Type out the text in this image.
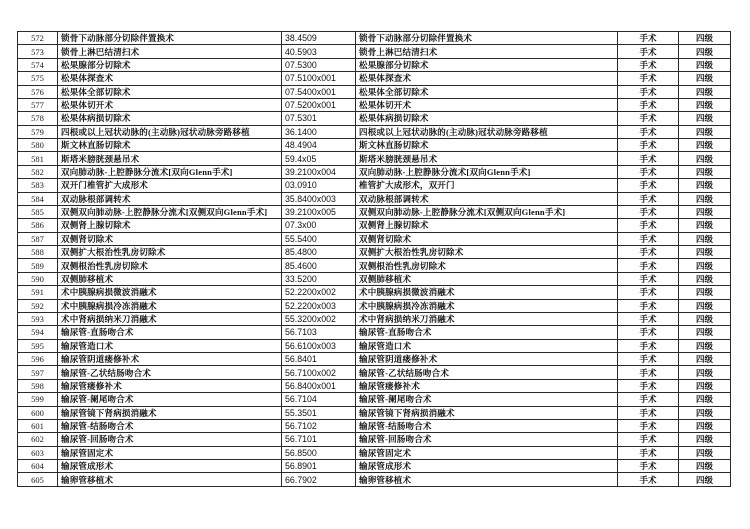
572	锁骨下动脉部分切除伴置换术	38.4509	锁骨下动脉部分切除伴置换术	手术	四级
573	锁骨上淋巴结清扫术	40.5903	锁骨上淋巴结清扫术	手术	四级
574	松果腺部分切除术	07.5300	松果腺部分切除术	手术	四级
575	松果体探查术	07.5100x001	松果体探查术	手术	四级
576	松果体全部切除术	07.5400x001	松果体全部切除术	手术	四级
577	松果体切开术	07.5200x001	松果体切开术	手术	四级
578	松果体病损切除术	07.5301	松果体病损切除术	手术	四级
579	四根或以上冠状动脉的(主动脉)冠状动脉旁路移植	36.1400	四根或以上冠状动脉的(主动脉)冠状动脉旁路移植	手术	四级
580	斯文林直肠切除术	48.4904	斯文林直肠切除术	手术	四级
581	斯塔米膀胱颈悬吊术	59.4x05	斯塔米膀胱颈悬吊术	手术	四级
582	双向肺动脉-上腔静脉分流术[双向Glenn手术]	39.2100x004	双向肺动脉-上腔静脉分流术[双向Glenn手术]	手术	四级
583	双开门椎管扩大成形术	03.0910	椎管扩大成形术，双开门	手术	四级
584	双动脉根部调转术	35.8400x003	双动脉根部调转术	手术	四级
585	双侧双向肺动脉-上腔静脉分流术[双侧双向Glenn手术]	39.2100x005	双侧双向肺动脉-上腔静脉分流术[双侧双向Glenn手术]	手术	四级
586	双侧肾上腺切除术	07.3x00	双侧肾上腺切除术	手术	四级
587	双侧肾切除术	55.5400	双侧肾切除术	手术	四级
588	双侧扩大根治性乳房切除术	85.4800	双侧扩大根治性乳房切除术	手术	四级
589	双侧根治性乳房切除术	85.4600	双侧根治性乳房切除术	手术	四级
590	双侧肺移植术	33.5200	双侧肺移植术	手术	四级
591	术中胰腺病损微波消融术	52.2200x002	术中胰腺病损微波消融术	手术	四级
592	术中胰腺病损冷冻消融术	52.2200x003	术中胰腺病损冷冻消融术	手术	四级
593	术中肾病损纳米刀消融术	55.3200x002	术中肾病损纳米刀消融术	手术	四级
594	输尿管-直肠吻合术	56.7103	输尿管-直肠吻合术	手术	四级
595	输尿管造口术	56.6100x003	输尿管造口术	手术	四级
596	输尿管阴道瘘修补术	56.8401	输尿管阴道瘘修补术	手术	四级
597	输尿管-乙状结肠吻合术	56.7100x002	输尿管-乙状结肠吻合术	手术	四级
598	输尿管瘘修补术	56.8400x001	输尿管瘘修补术	手术	四级
599	输尿管-阑尾吻合术	56.7104	输尿管-阑尾吻合术	手术	四级
600	输尿管镜下肾病损消融术	55.3501	输尿管镜下肾病损消融术	手术	四级
601	输尿管-结肠吻合术	56.7102	输尿管-结肠吻合术	手术	四级
602	输尿管-回肠吻合术	56.7101	输尿管-回肠吻合术	手术	四级
603	输尿管固定术	56.8500	输尿管固定术	手术	四级
604	输尿管成形术	56.8901	输尿管成形术	手术	四级
605	输卵管移植术	66.7902	输卵管移植术	手术	四级
